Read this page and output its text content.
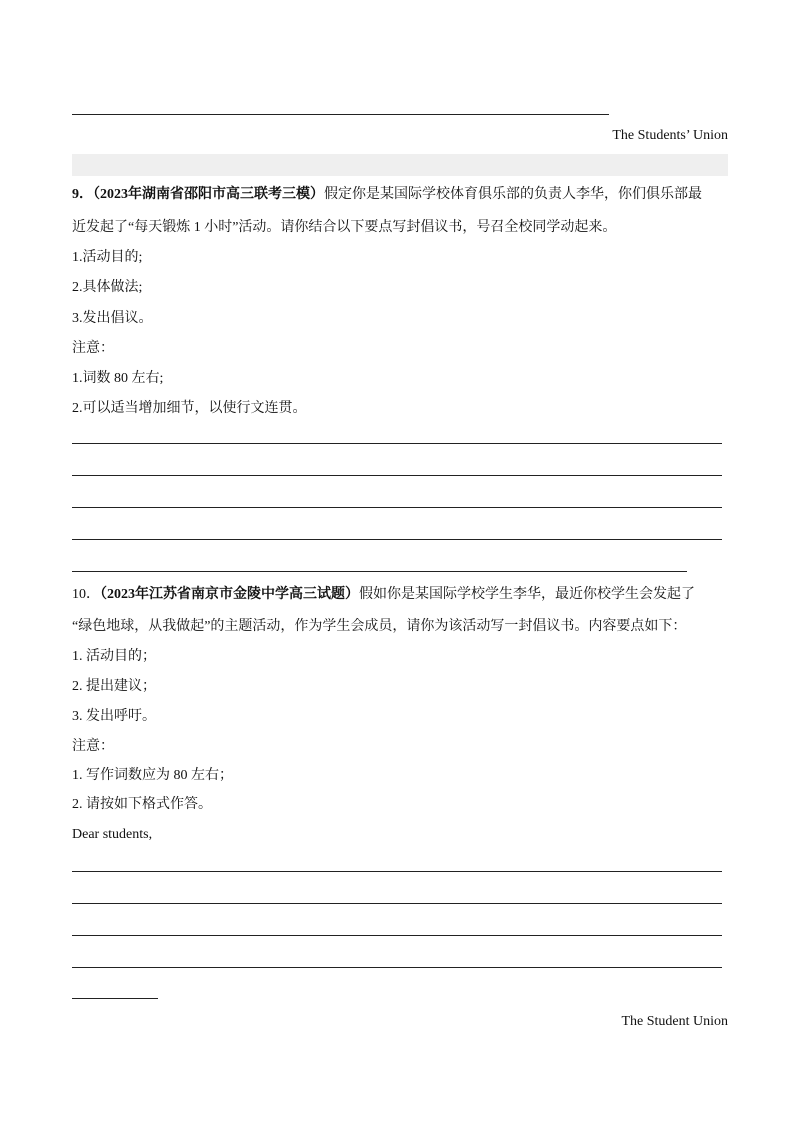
The Students’ Union
9．（2023年湖南省邵阳市高三联考三模）假定你是某国际学校体育俱乐部的负责人李华，你们俱乐部最
近发起了“每天锻炼 1 小时”活动。请你结合以下要点写封倡议书，号召全校同学动起来。
1.活动目的;
2.具体做法;
3.发出倡议。
注意：
1.词数 80 左右;
2.可以适当增加细节，以使行文连贯。
10．（2023年江苏省南京市金陵中学高三试题）假如你是某国际学校学生李华，最近你校学生会发起了
“绿色地球，从我做起”的主题活动，作为学生会成员，请你为该活动写一封倡议书。内容要点如下：
1. 活动目的；
2. 提出建议；
3. 发出呼吁。
注意：
1. 写作词数应为 80 左右；
2. 请按如下格式作答。
Dear students,
The Student Union
